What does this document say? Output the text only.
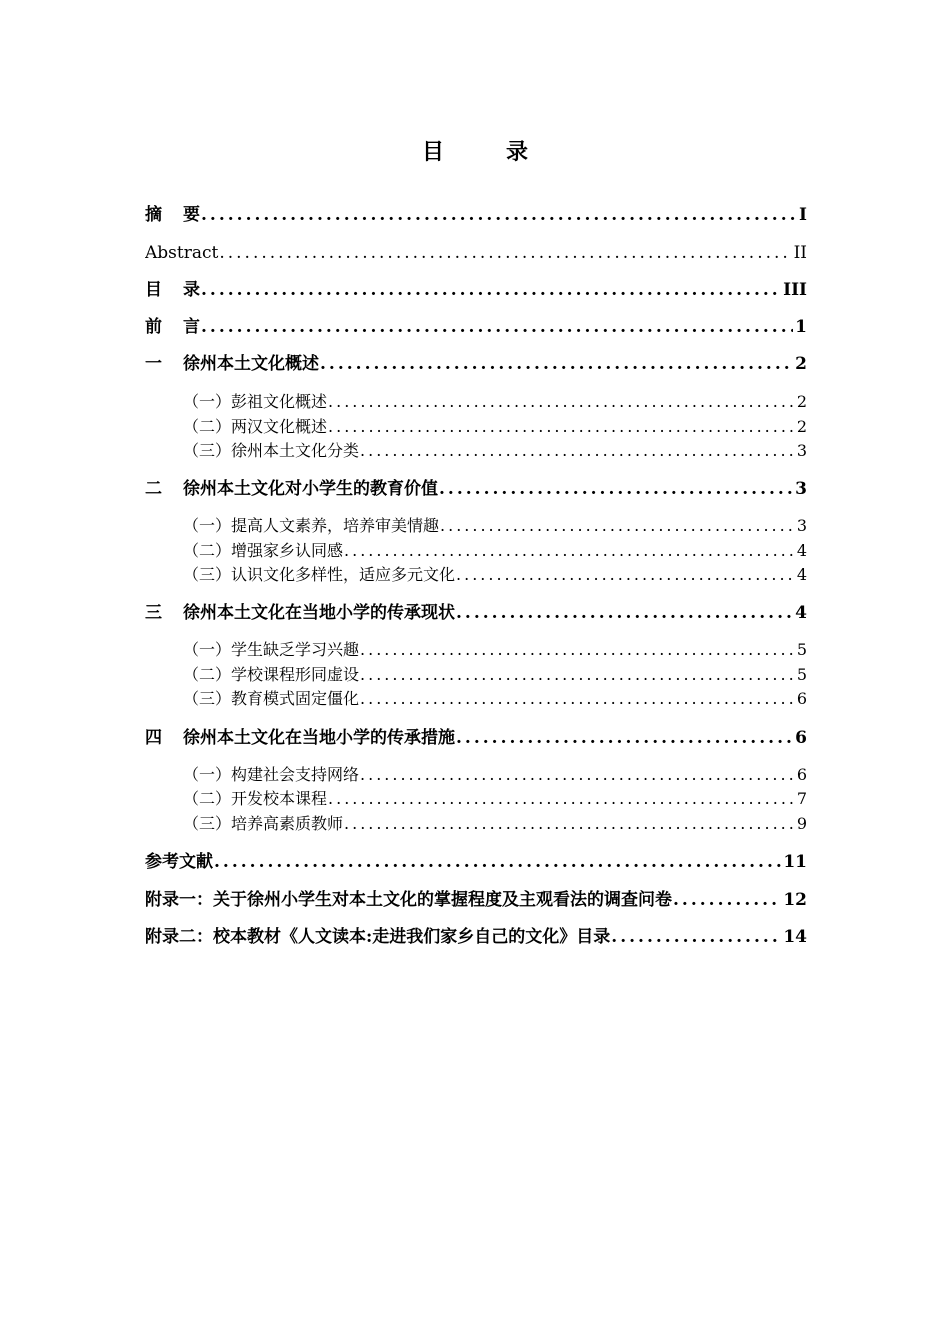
目　录
摘	要 .....	I
Abstract .....	II
目	录 .....	III
前	言 .....	1
一	徐州本土文化概述 .....	2
（一）彭祖文化概述 .....	2
（二）两汉文化概述 .....	2
（三）徐州本土文化分类 .....	3
二	徐州本土文化对小学生的教育价值 .....	3
（一）提高人文素养，培养审美情趣 .....	3
（二）增强家乡认同感 .....	4
（三）认识文化多样性，适应多元文化 .....	4
三	徐州本土文化在当地小学的传承现状 .....	4
（一）学生缺乏学习兴趣 .....	5
（二）学校课程形同虚设 .....	5
（三）教育模式固定僵化 .....	6
四	徐州本土文化在当地小学的传承措施 .....	6
（一）构建社会支持网络 .....	6
（二）开发校本课程 .....	7
（三）培养高素质教师 .....	9
参考文献 .....	11
附录一：关于徐州小学生对本土文化的掌握程度及主观看法的调查问卷 .....	12
附录二：校本教材《人文读本:走进我们家乡自己的文化》目录 .....	14
